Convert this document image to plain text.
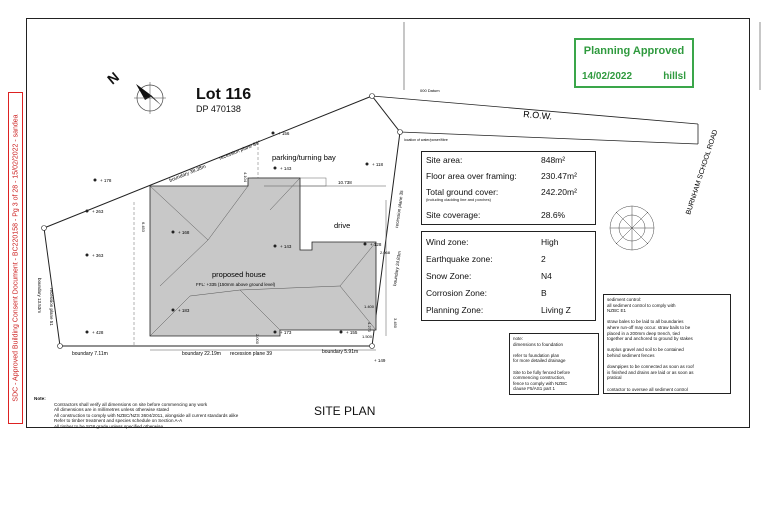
SDC - Approved Building Consent Document - BC220158 - Pg 3 of 28 - 15/02/2022 - sandea
Planning Approved
14/02/2022	hillsl
N
Lot 116
DP 470138
R.O.W.
000 Datum
location of water/power/fibre	BURNHAM SCHOOL ROAD
boundary 38.38m
recession plane 89°
boundary 13.53m recession plane 51
boundary 24.83m
recession plane 35
boundary 7.11m	boundary 22.19m recession plane 39	boundary 5.91m
parking/turning bay
drive
proposed house
FFL: +335 (150mm above ground level)
10.738
6.453
4.104
2.000
3.450
4.270
1.400
2.068
1.500
+ 178
+ 156
+ 118
+ 143
+ 263
+ 168
+ 363
+ 143	+ 128
+ 183
+ 428	+ 173	+ 155
+ 149
Site area:	848m²
Floor area over framing:	230.47m²
Total ground cover:	242.20m²
(including cladding line and porches)
Site coverage:	28.6%
Wind zone:	High
Earthquake zone:	2
Snow Zone:	N4
Corrosion Zone:	B
Planning Zone:	Living Z
note:
dimensions to foundation

refer to foundation plan
for more detailed drainage

Site to be fully fenced before
commencing construction,
fence to comply with NZBC
clause F5/AS1 part 1
sediment control:
all sediment control to comply with
NZBC E1

straw bales to be laid to all boundaries
where run-off may occur. straw bails to be
placed in a 200mm deep trench, tied
together and anchored to ground by stakes

surplus gravel and soil to be contained
behind sediment fences

downpipes to be connected as soon as roof
is finished and drains are laid or as soon as
pratical

contactor to oversee all sediment control
Note:
Contractors shall verify all dimensions on site before commencing any work
All dimensions are in millimetres unless otherwise stated
All construction to comply with NZBC/NZS 3604/2011, alongside all current standards alike
Refer to timber treatment and species schedule on Section A-A
All timber to be SG8 grade unless specified otherwise
SITE PLAN
